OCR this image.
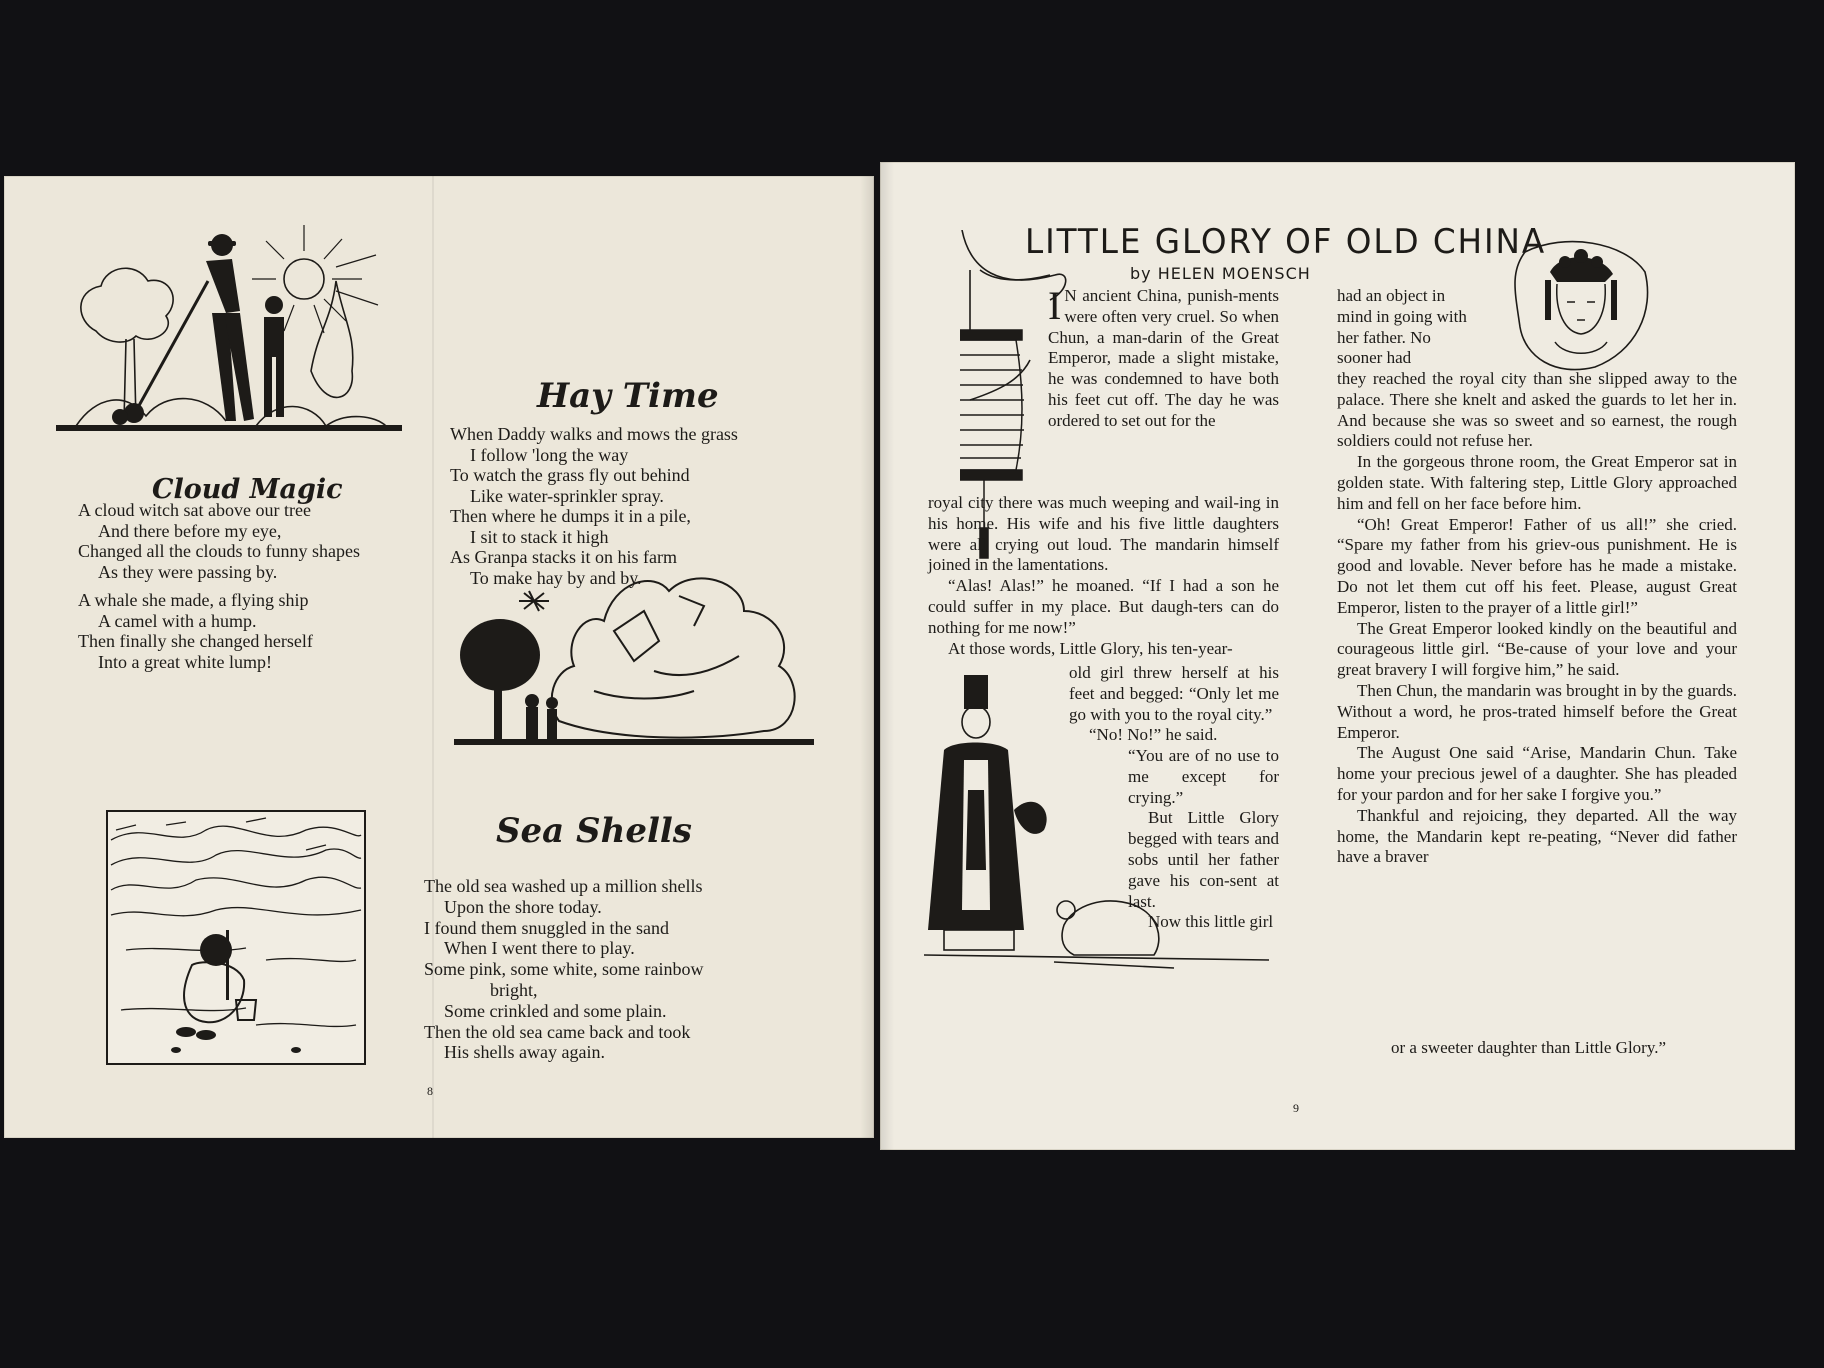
Hay Time
When Daddy walks and mows the grass
I follow 'long the way
To watch the grass fly out behind
Like water-sprinkler spray.
Then where he dumps it in a pile,
I sit to stack it high
As Granpa stacks it on his farm
To make hay by and by.
Cloud Magic
A cloud witch sat above our tree
And there before my eye,
Changed all the clouds to funny shapes
As they were passing by.
A whale she made, a flying ship
A camel with a hump.
Then finally she changed herself
Into a great white lump!
Sea Shells
The old sea washed up a million shells
Upon the shore today.
I found them snuggled in the sand
When I went there to play.
Some pink, some white, some rainbow
bright,
Some crinkled and some plain.
Then the old sea came back and took
His shells away again.
8
LITTLE GLORY OF OLD CHINA
by HELEN MOENSCH

I N ancient China, punish-ments were often very cruel. So when Chun, a man-darin of the Great Emperor, made a slight mistake, he was condemned to have both his feet cut off. The day he was ordered to set out for the

royal city there was much weeping and wail-ing in his home. His wife and his five little daughters were all crying out loud. The mandarin himself joined in the lamentations.

“Alas! Alas!” he moaned. “If I had a son he could suffer in my place. But daugh-ters can do nothing for me now!”

At those words, Little Glory, his ten-year-

old girl threw herself at his feet and begged: “Only let me go with you to the royal city.”

“No! No!” he said.

“You are of no use to me except for crying.”

But Little Glory begged with tears and sobs until her father gave his con-sent at last.

Now this little girl

had an object in mind in going with her father. No sooner had

they reached the royal city than she slipped away to the palace. There she knelt and asked the guards to let her in. And because she was so sweet and so earnest, the rough soldiers could not refuse her.

In the gorgeous throne room, the Great Emperor sat in golden state. With faltering step, Little Glory approached him and fell on her face before him.

“Oh! Great Emperor! Father of us all!” she cried. “Spare my father from his griev-ous punishment. He is good and lovable. Never before has he made a mistake. Do not let them cut off his feet. Please, august Great Emperor, listen to the prayer of a little girl!”

The Great Emperor looked kindly on the beautiful and courageous little girl. “Be-cause of your love and your great bravery I will forgive him,” he said.

Then Chun, the mandarin was brought in by the guards. Without a word, he pros-trated himself before the Great Emperor.

The August One said “Arise, Mandarin Chun. Take home your precious jewel of a daughter. She has pleaded for your pardon and for her sake I forgive you.”

Thankful and rejoicing, they departed. All the way home, the Mandarin kept re-peating, “Never did father have a braver

or a sweeter daughter than Little Glory.”

9
